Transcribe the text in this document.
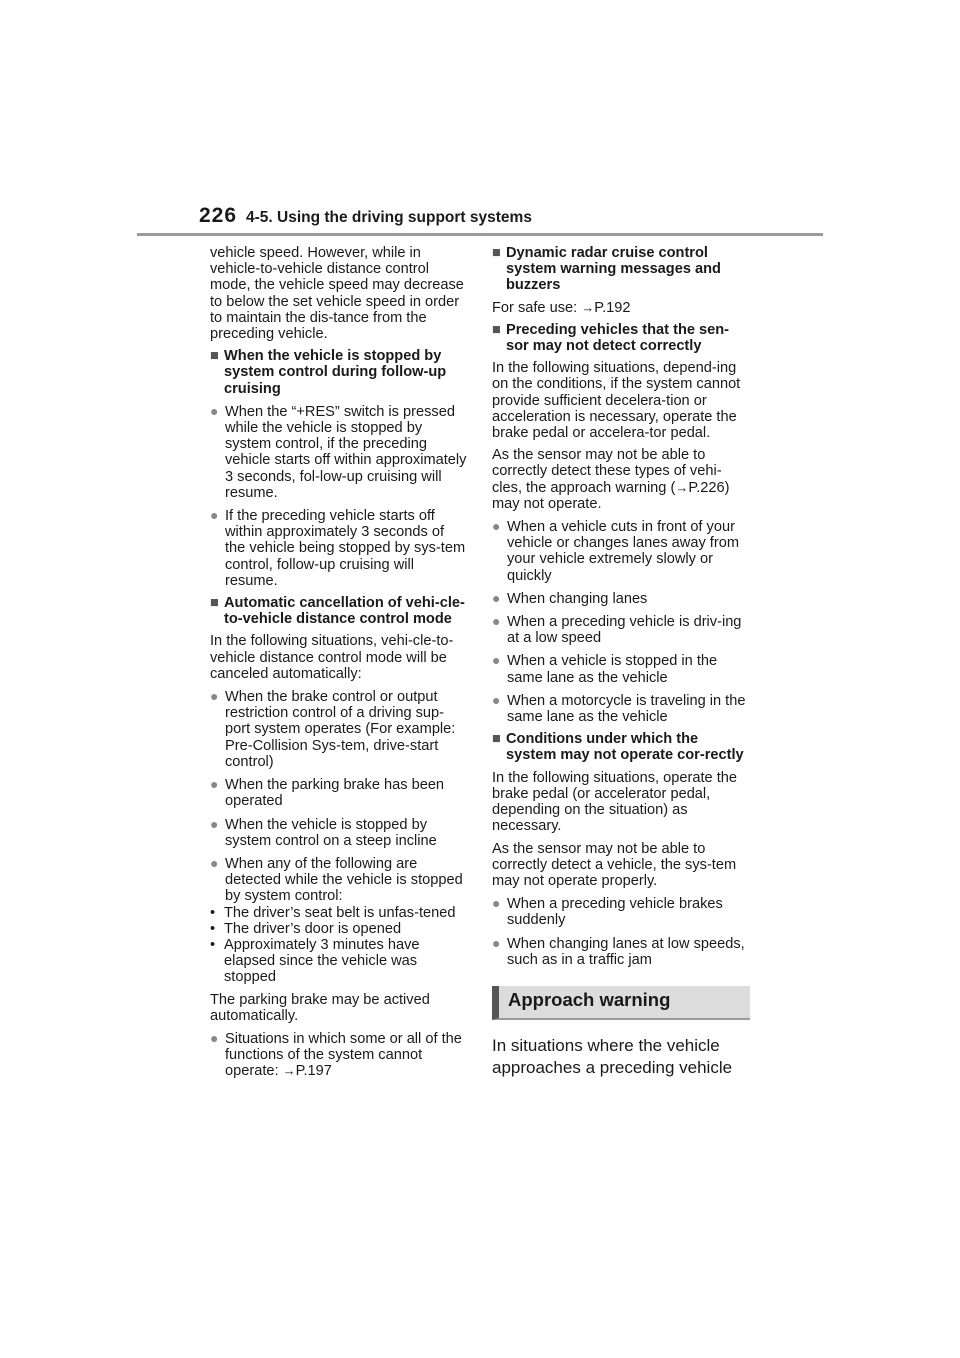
226 4-5. Using the driving support systems

vehicle speed. However, while in vehicle-to-vehicle distance control mode, the vehicle speed may decrease to below the set vehicle speed in order to maintain the dis-tance from the preceding vehicle.

■ When the vehicle is stopped by system control during follow-up cruising
● When the “+RES” switch is pressed while the vehicle is stopped by system control, if the preceding vehicle starts off within approximately 3 seconds, fol-low-up cruising will resume.
● If the preceding vehicle starts off within approximately 3 seconds of the vehicle being stopped by sys-tem control, follow-up cruising will resume.
■ Automatic cancellation of vehi-cle-to-vehicle distance control mode

In the following situations, vehi-cle-to-vehicle distance control mode will be canceled automatically:

● When the brake control or output restriction control of a driving sup-port system operates (For example: Pre-Collision Sys-tem, drive-start control)
● When the parking brake has been operated
● When the vehicle is stopped by system control on a steep incline
● When any of the following are detected while the vehicle is stopped by system control:
• The driver’s seat belt is unfas-tened
• The driver’s door is opened
• Approximately 3 minutes have elapsed since the vehicle was stopped

The parking brake may be actived automatically.

● Situations in which some or all of the functions of the system cannot operate: →P.197
■ Dynamic radar cruise control system warning messages and buzzers

For safe use: →P.192

■ Preceding vehicles that the sen-sor may not detect correctly

In the following situations, depend-ing on the conditions, if the system cannot provide sufficient decelera-tion or acceleration is necessary, operate the brake pedal or accelera-tor pedal.

As the sensor may not be able to correctly detect these types of vehi-cles, the approach warning (→P.226) may not operate.

● When a vehicle cuts in front of your vehicle or changes lanes away from your vehicle extremely slowly or quickly
● When changing lanes
● When a preceding vehicle is driv-ing at a low speed
● When a vehicle is stopped in the same lane as the vehicle
● When a motorcycle is traveling in the same lane as the vehicle
■ Conditions under which the system may not operate cor-rectly

In the following situations, operate the brake pedal (or accelerator pedal, depending on the situation) as necessary.

As the sensor may not be able to correctly detect a vehicle, the sys-tem may not operate properly.

● When a preceding vehicle brakes suddenly
● When changing lanes at low speeds, such as in a traffic jam
Approach warning
In situations where the vehicle approaches a preceding vehicle
